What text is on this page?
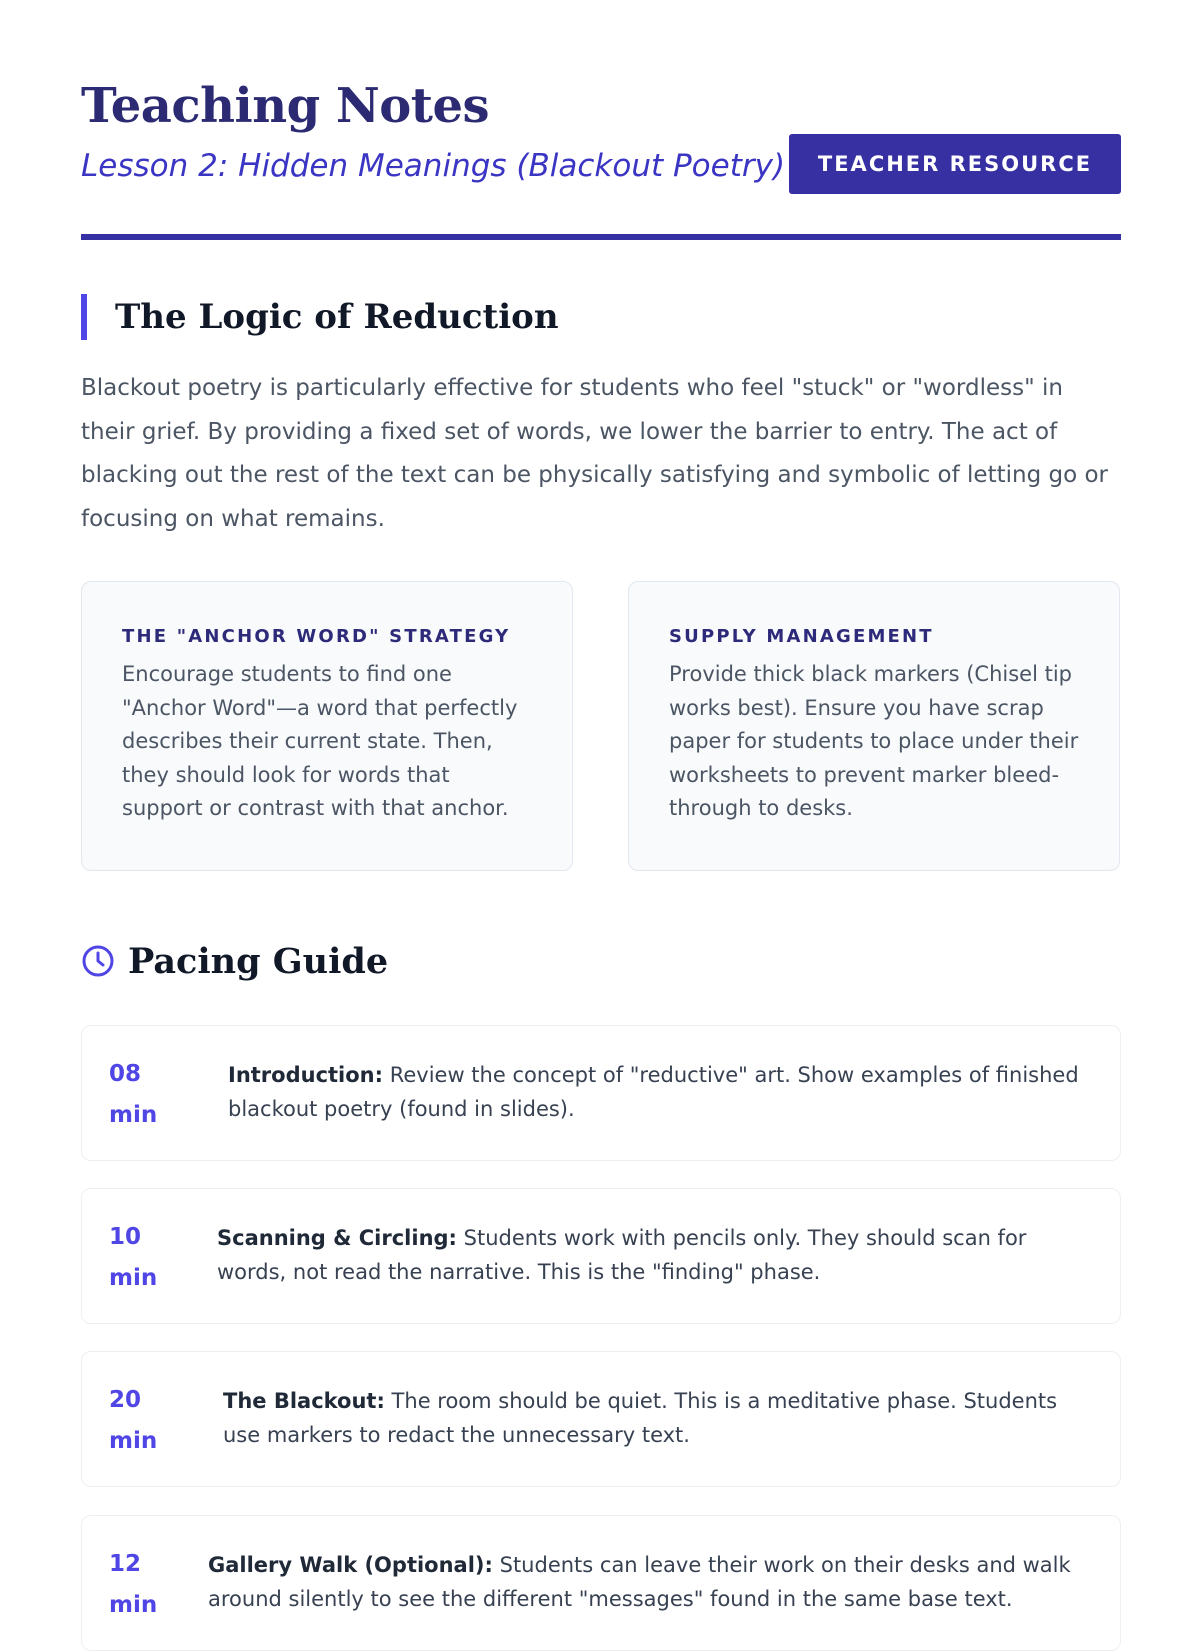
Teaching Notes

Lesson 2: Hidden Meanings (Blackout Poetry)	TEACHER RESOURCE
The Logic of Reduction

Blackout poetry is particularly effective for students who feel "stuck" or "wordless" in their grief. By providing a fixed set of words, we lower the barrier to entry. The act of blacking out the rest of the text can be physically satisfying and symbolic of letting go or focusing on what remains.

THE "ANCHOR WORD" STRATEGY

Encourage students to find one "Anchor Word"—a word that perfectly describes their current state. Then, they should look for words that support or contrast with that anchor.

SUPPLY MANAGEMENT

Provide thick black markers (Chisel tip works best). Ensure you have scrap paper for students to place under their worksheets to prevent marker bleed-through to desks.

Pacing Guide
08
min

Introduction: Review the concept of "reductive" art. Show examples of finished blackout poetry (found in slides).

10
min

Scanning & Circling: Students work with pencils only. They should scan for words, not read the narrative. This is the "finding" phase.

20
min

The Blackout: The room should be quiet. This is a meditative phase. Students use markers to redact the unnecessary text.

12
min

Gallery Walk (Optional): Students can leave their work on their desks and walk around silently to see the different "messages" found in the same base text.
